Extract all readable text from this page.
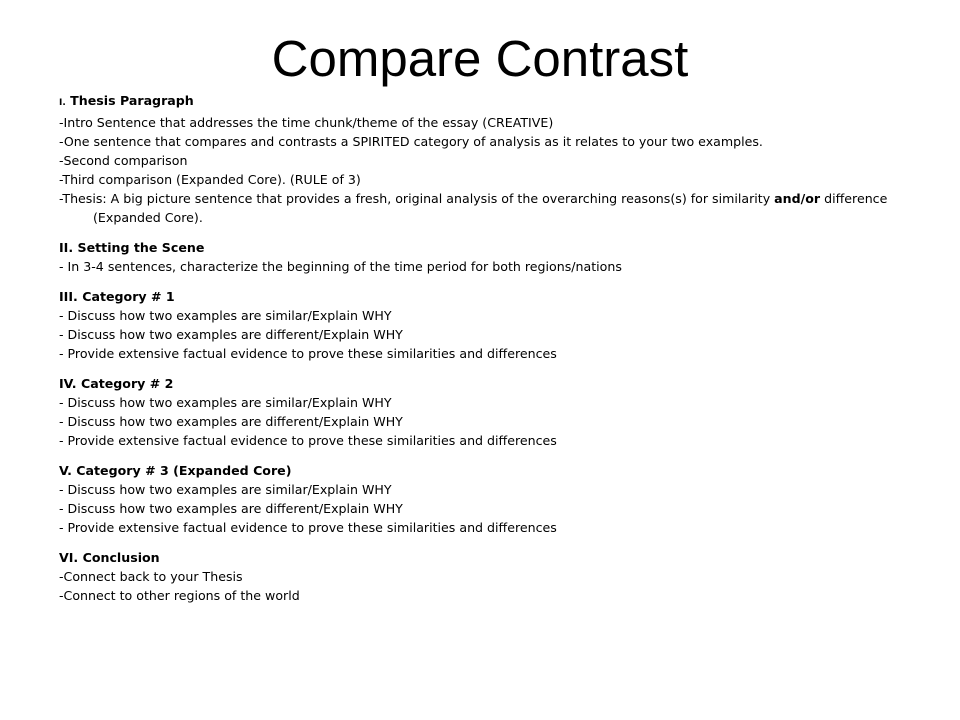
Compare Contrast
I. Thesis Paragraph
-Intro Sentence that addresses the time chunk/theme of the essay (CREATIVE)
-One sentence that compares and contrasts a SPIRITED category of analysis as it relates to your two examples.
-Second comparison
-Third comparison (Expanded Core). (RULE of 3)
-Thesis: A big picture sentence that provides a fresh, original analysis of the overarching reasons(s) for similarity and/or difference (Expanded Core).
II. Setting the Scene
- In 3-4 sentences, characterize the beginning of the time period for both regions/nations
III. Category # 1
- Discuss how two examples are similar/Explain WHY
- Discuss how two examples are different/Explain WHY
- Provide extensive factual evidence to prove these similarities and differences
IV. Category # 2
- Discuss how two examples are similar/Explain WHY
- Discuss how two examples are different/Explain WHY
- Provide extensive factual evidence to prove these similarities and differences
V. Category # 3 (Expanded Core)
- Discuss how two examples are similar/Explain WHY
- Discuss how two examples are different/Explain WHY
- Provide extensive factual evidence to prove these similarities and differences
VI. Conclusion
-Connect back to your Thesis
-Connect to other regions of the world
